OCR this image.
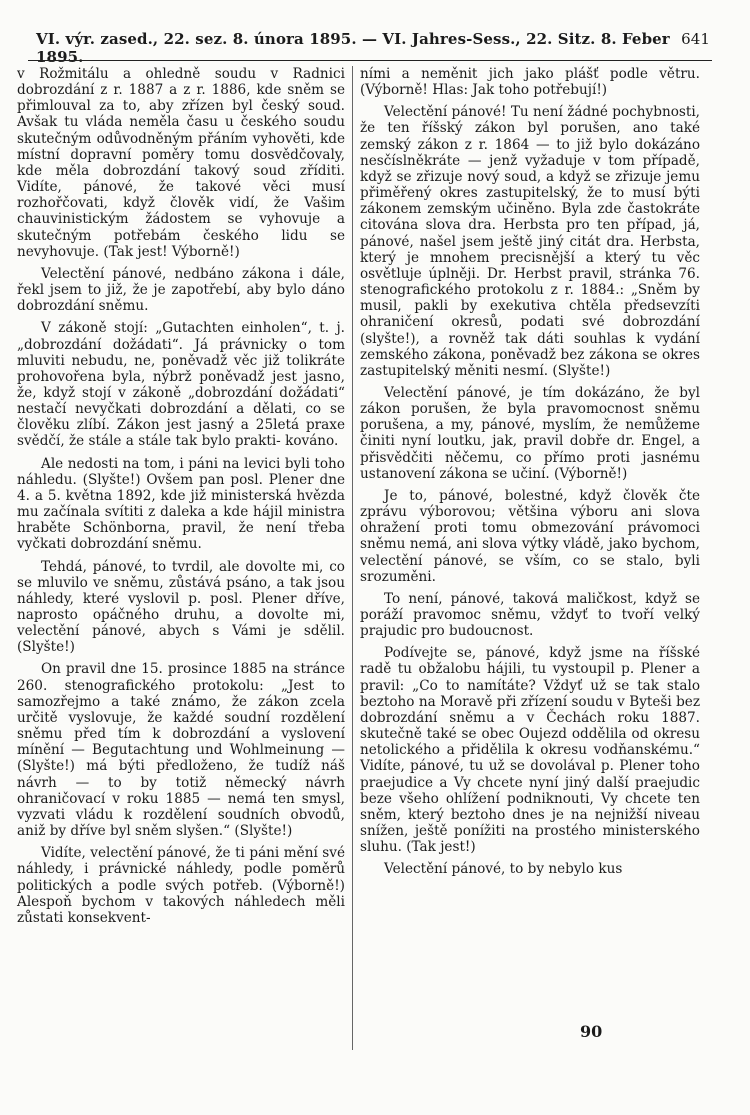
VI. výr. zased., 22. sez. 8. února 1895. — VI. Jahres-Sess., 22. Sitz. 8. Feber 1895.
641

v Rožmitálu a ohledně soudu v Radnici dobrozdání z r. 1887 a z r. 1886, kde sněm se přimlouval za to, aby zřízen byl český soud. Avšak tu vláda neměla času u českého soudu skutečným odůvodněným přáním vyhověti, kde místní dopravní poměry tomu dosvědčovaly, kde měla dobrozdání takový soud zříditi. Vidíte, pánové, že takové věci musí rozhořčovati, když člověk vidí, že Vašim chauvinistickým žádostem se vyhovuje a skutečným potřebám českého lidu se nevyhovuje. (Tak jest! Výborně!)

Velectění pánové, nedbáno zákona i dále, řekl jsem to již, že je zapotřebí, aby bylo dáno dobrozdání sněmu.

V zákoně stojí: „Gutachten einholen“, t. j. „dobrozdání dožádati“. Já právnicky o tom mluviti nebudu, ne, poněvadž věc již tolikráte prohovořena byla, nýbrž poněvadž jest jasno, že, když stojí v zákoně „dobrozdání dožádati“ nestačí nevyčkati dobrozdání a dělati, co se člověku zlíbí. Zákon jest jasný a 25letá praxe svědčí, že stále a stále tak bylo prakti- kováno.

Ale nedosti na tom, i páni na levici byli toho náhledu. (Slyšte!) Ovšem pan posl. Plener dne 4. a 5. května 1892, kde již ministerská hvězda mu začínala svítiti z daleka a kde hájil ministra hraběte Schönborna, pravil, že není třeba vyčkati dobrozdání sněmu.

Tehdá, pánové, to tvrdil, ale dovolte mi, co se mluvilo ve sněmu, zůstává psáno, a tak jsou náhledy, které vyslovil p. posl. Plener dříve, naprosto opáčného druhu, a dovolte mi, velectění pánové, abych s Vámi je sdělil. (Slyšte!)

On pravil dne 15. prosince 1885 na stránce 260. stenografického protokolu: „Jest to samozřejmo a také známo, že zákon zcela určitě vyslovuje, že každé soudní rozdělení sněmu před tím k dobrozdání a vyslovení mínění — Begutachtung und Wohlmeinung — (Slyšte!) má býti předloženo, že tudíž náš návrh — to by totiž německý návrh ohraničovací v roku 1885 — nemá ten smysl, vyzvati vládu k rozdělení soudních obvodů, aniž by dříve byl sněm slyšen.“ (Slyšte!)

Vidíte, velectění pánové, že ti páni mění své náhledy, i právnické náhledy, podle poměrů politických a podle svých potřeb. (Výborně!) Alespoň bychom v takových náhledech měli zůstati konsekvent-

ními a neměnit jich jako plášť podle větru. (Výborně! Hlas: Jak toho potřebují!)

Velectění pánové! Tu není žádné pochybnosti, že ten říšský zákon byl porušen, ano také zemský zákon z r. 1864 — to již bylo dokázáno nesčíslněkráte — jenž vyžaduje v tom případě, když se zřizuje nový soud, a když se zřizuje jemu přiměřený okres zastupitelský, že to musí býti zákonem zemským učiněno. Byla zde častokráte citována slova dra. Herbsta pro ten případ, já, pánové, našel jsem ještě jiný citát dra. Herbsta, který je mnohem precisnější a který tu věc osvětluje úplněji. Dr. Herbst pravil, stránka 76. stenografického protokolu z r. 1884.: „Sněm by musil, pakli by exekutiva chtěla předsevzíti ohraničení okresů, podati své dobrozdání (slyšte!), a rovněž tak dáti souhlas k vydání zemského zákona, poněvadž bez zákona se okres zastupitelský měniti nesmí. (Slyšte!)

Velectění pánové, je tím dokázáno, že byl zákon porušen, že byla pravomocnost sněmu porušena, a my, pánové, myslím, že nemůžeme činiti nyní loutku, jak, pravil dobře dr. Engel, a přisvědčiti něčemu, co přímo proti jasnému ustanovení zákona se učiní. (Výborně!)

Je to, pánové, bolestné, když člověk čte zprávu výborovou; většina výboru ani slova ohražení proti tomu obmezování právomoci sněmu nemá, ani slova výtky vládě, jako bychom, velectění pánové, se vším, co se stalo, byli srozuměni.

To není, pánové, taková maličkost, když se poráží pravomoc sněmu, vždyť to tvoří velký prajudic pro budoucnost.

Podívejte se, pánové, když jsme na říšské radě tu obžalobu hájili, tu vystoupil p. Plener a pravil: „Co to namítáte? Vždyť už se tak stalo beztoho na Moravě při zřízení soudu v Byteši bez dobrozdání sněmu a v Čechách roku 1887. skutečně také se obec Oujezd oddělila od okresu netolického a přidělila k okresu vodňanskému.“ Vidíte, pánové, tu už se dovolával p. Plener toho praejudice a Vy chcete nyní jiný další praejudic beze všeho ohlížení podniknouti, Vy chcete ten sněm, který beztoho dnes je na nejnižší niveau snížen, ještě ponížiti na prostého ministerského sluhu. (Tak jest!)

Velectění pánové, to by nebylo kus

90
